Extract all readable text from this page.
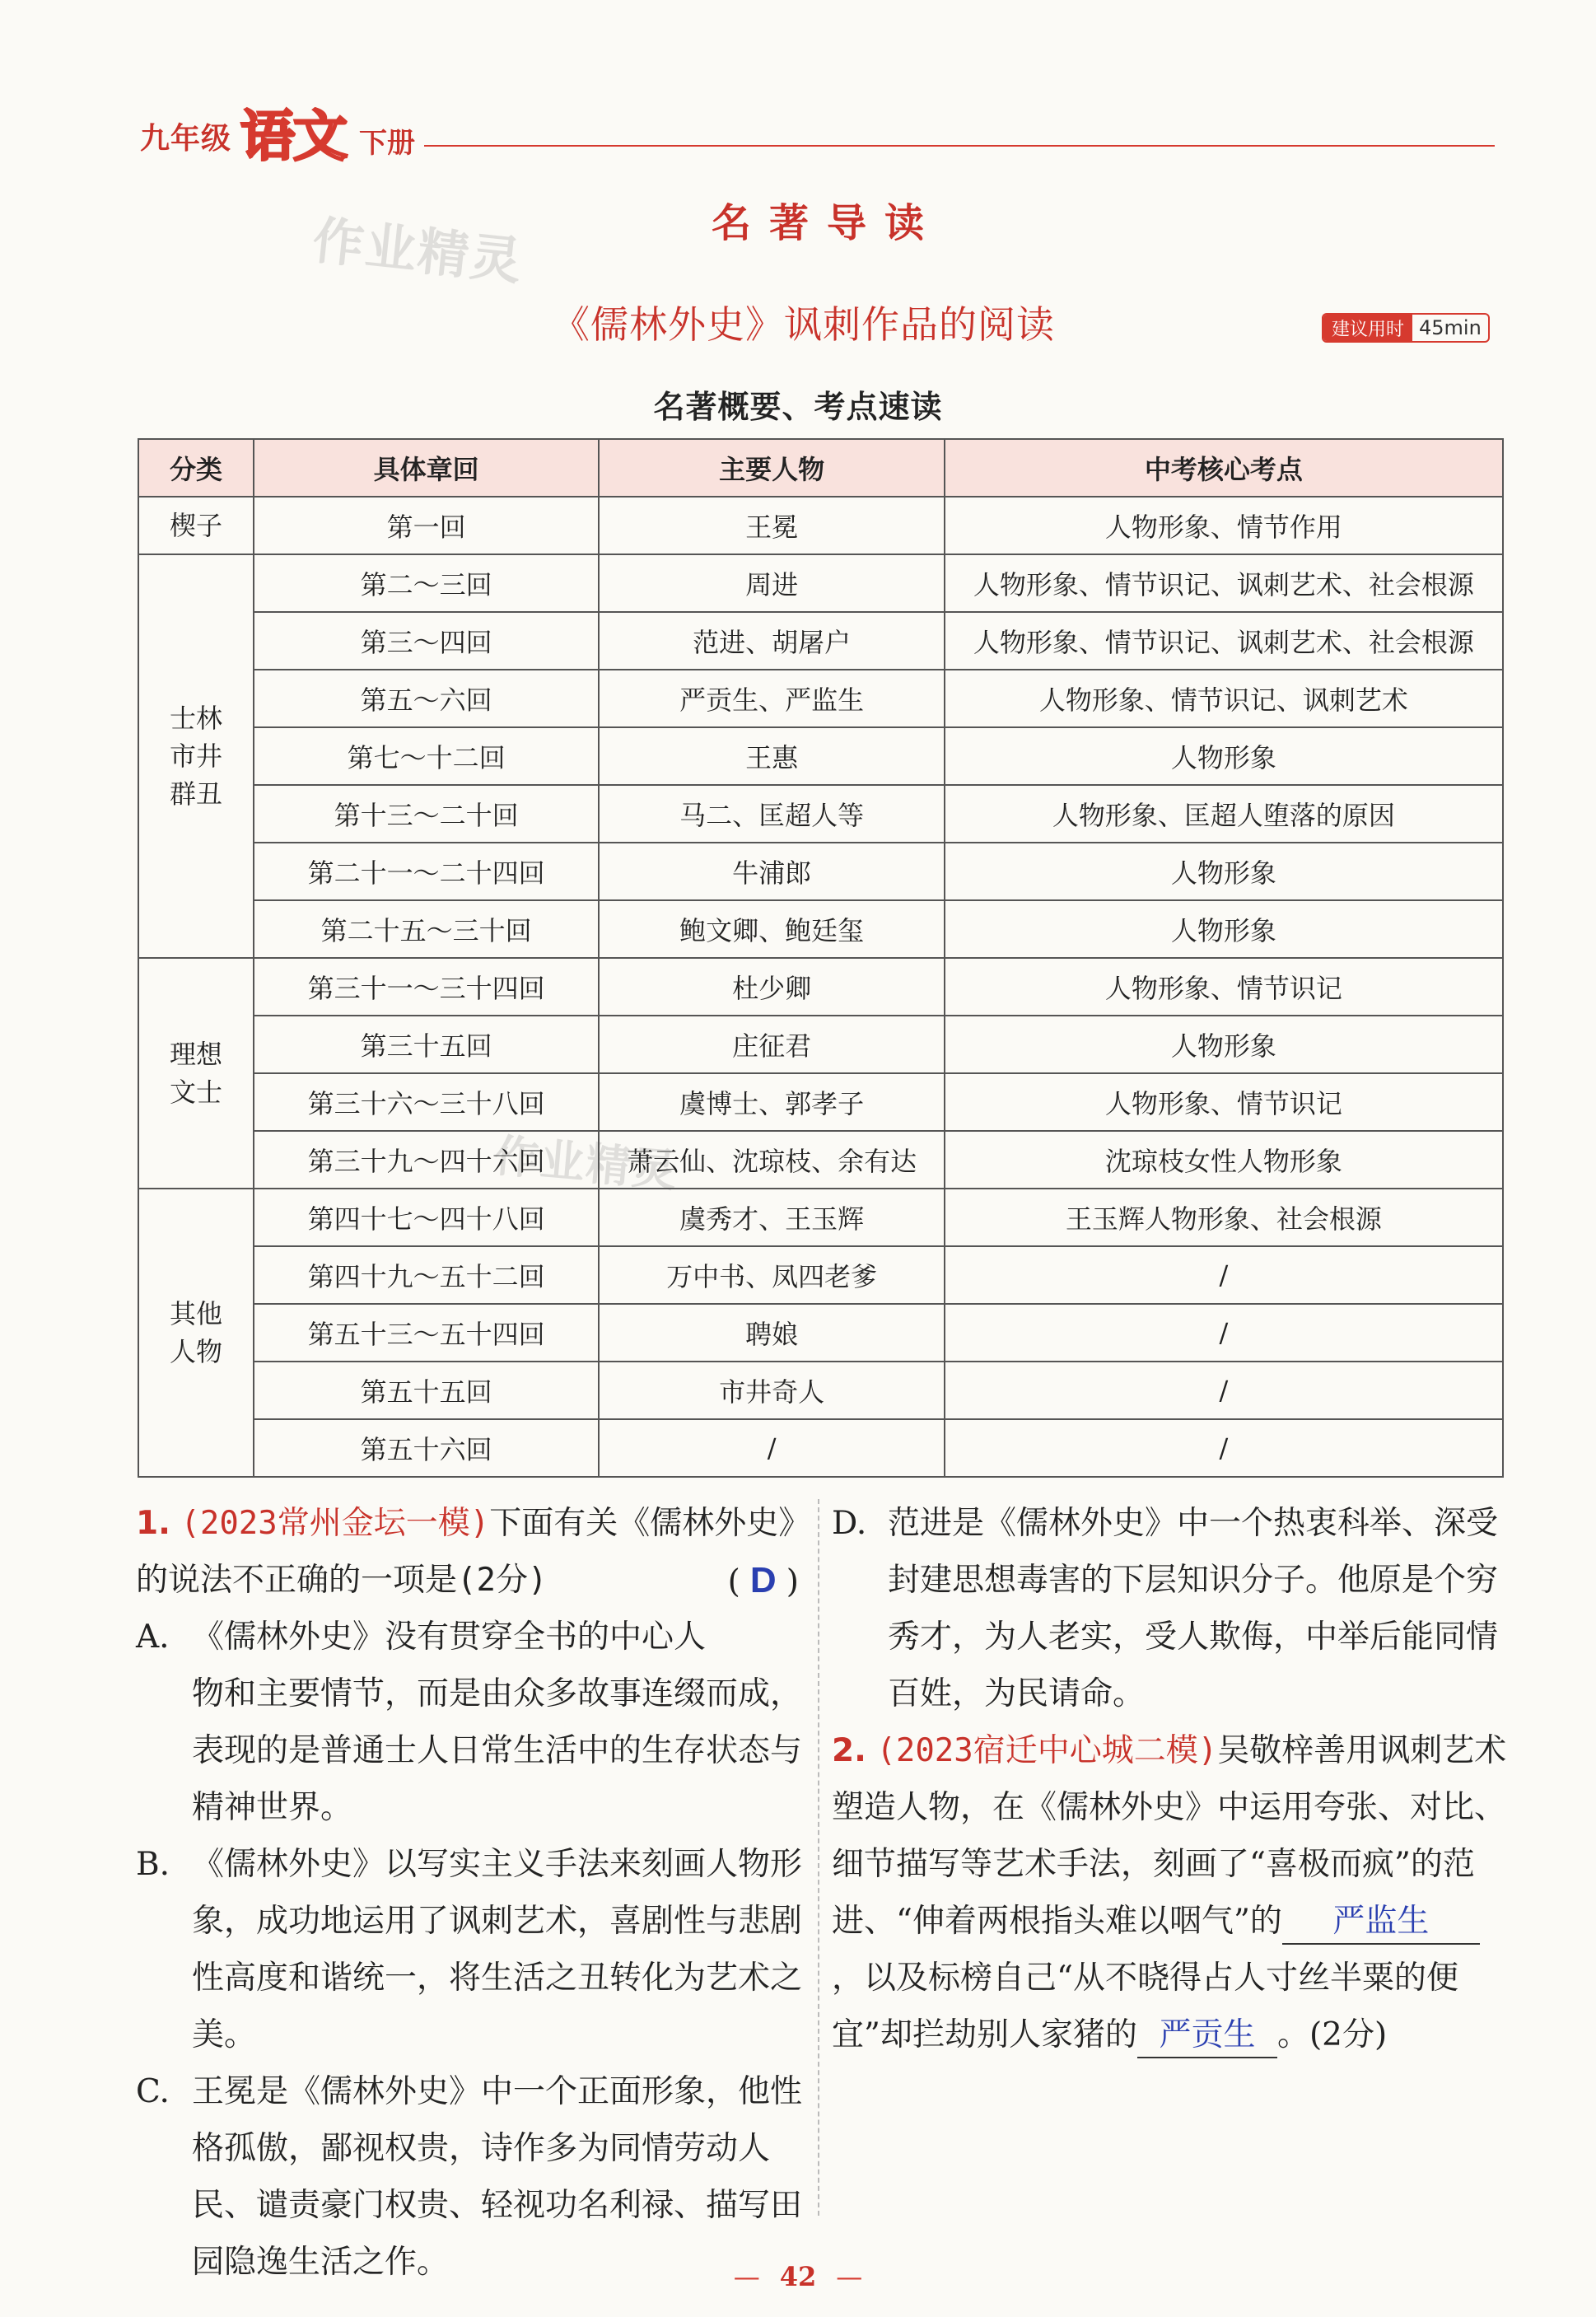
九年级 语文 下册
作业精灵
作业精灵
名著导读
《儒林外史》讽刺作品的阅读	建议用时 45min
名著概要、考点速读
分类	具体章回	主要人物	中考核心考点
楔子	第一回	王冕	人物形象、情节作用
士林市井群丑	第二～三回	周进	人物形象、情节识记、讽刺艺术、社会根源
	第三～四回	范进、胡屠户	人物形象、情节识记、讽刺艺术、社会根源
	第五～六回	严贡生、严监生	人物形象、情节识记、讽刺艺术
	第七～十二回	王惠	人物形象
	第十三～二十回	马二、匡超人等	人物形象、匡超人堕落的原因
	第二十一～二十四回	牛浦郎	人物形象
	第二十五～三十回	鲍文卿、鲍廷玺	人物形象
理想文士	第三十一～三十四回	杜少卿	人物形象、情节识记
	第三十五回	庄征君	人物形象
	第三十六～三十八回	虞博士、郭孝子	人物形象、情节识记
	第三十九～四十六回	萧云仙、沈琼枝、余有达	沈琼枝女性人物形象
其他人物	第四十七～四十八回	虞秀才、王玉辉	王玉辉人物形象、社会根源
	第四十九～五十二回	万中书、凤四老爹	/
	第五十三～五十四回	聘娘	/
	第五十五回	市井奇人	/
	第五十六回	/	/
1. (2023常州金坛一模)下面有关《儒林外史》的说法不正确的一项是(2分)	( D )
A. 《儒林外史》没有贯穿全书的中心人物和主要情节，而是由众多故事连缀而成，表现的是普通士人日常生活中的生存状态与精神世界。
B. 《儒林外史》以写实主义手法来刻画人物形象，成功地运用了讽刺艺术，喜剧性与悲剧性高度和谐统一，将生活之丑转化为艺术之美。
C. 王冕是《儒林外史》中一个正面形象，他性格孤傲，鄙视权贵，诗作多为同情劳动人民、谴责豪门权贵、轻视功名利禄、描写田园隐逸生活之作。
D. 范进是《儒林外史》中一个热衷科举、深受封建思想毒害的下层知识分子。他原是个穷秀才，为人老实，受人欺侮，中举后能同情百姓，为民请命。
2. (2023宿迁中心城二模)吴敬梓善用讽刺艺术塑造人物，在《儒林外史》中运用夸张、对比、细节描写等艺术手法，刻画了“喜极而疯”的范进、“伸着两根指头难以咽气”的 严监生，以及标榜自己“从不晓得占人寸丝半粟的便宜”却拦劫别人家猪的 严贡生 。(2分)
— 42 —
